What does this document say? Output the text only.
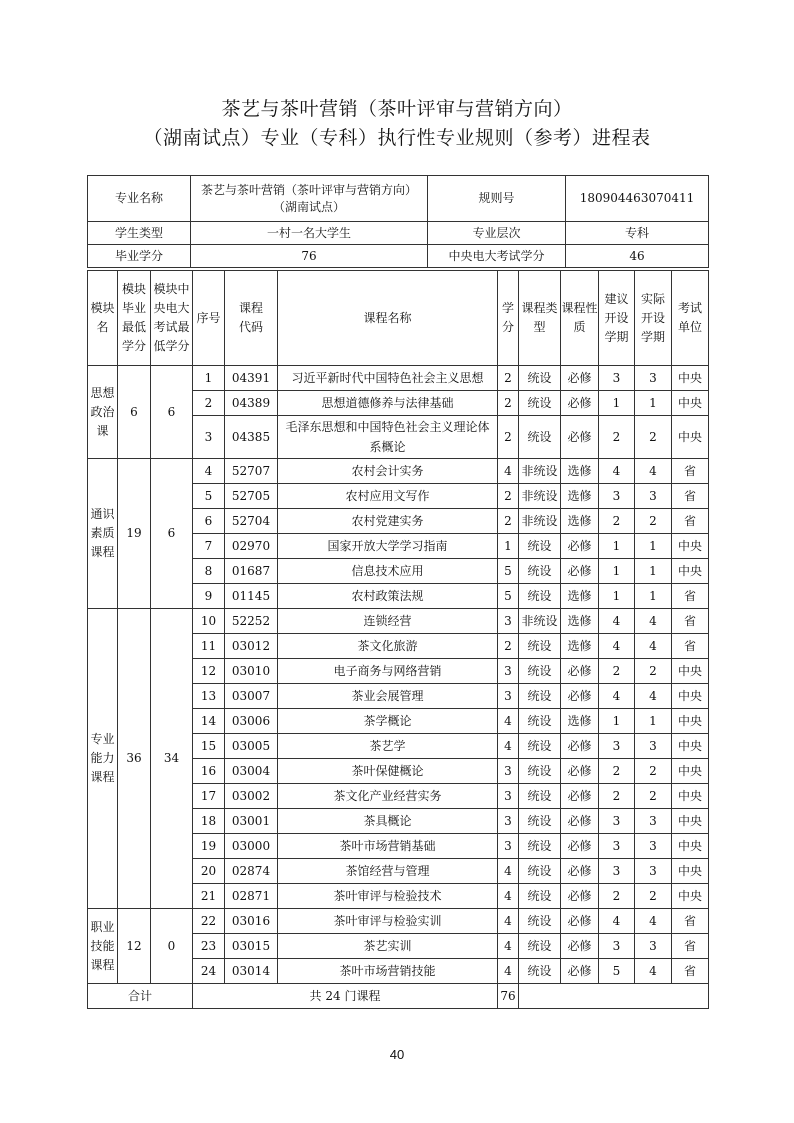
茶艺与茶叶营销（茶叶评审与营销方向）
（湖南试点）专业（专科）执行性专业规则（参考）进程表
专业名称	茶艺与茶叶营销（茶叶评审与营销方向）（湖南试点）	规则号	180904463070411
学生类型	一村一名大学生	专业层次	专科
毕业学分	76	中央电大考试学分	46
模块名	模块毕业最低学分	模块中央电大考试最低学分	序号	课程代码	课程名称	学分	课程类型	课程性质	建议开设学期	实际开设学期	考试单位
思想政治课	6	6	1	04391	习近平新时代中国特色社会主义思想	2	统设	必修	3	3	中央
			2	04389	思想道德修养与法律基础	2	统设	必修	1	1	中央
			3	04385	毛泽东思想和中国特色社会主义理论体系概论	2	统设	必修	2	2	中央
通识素质课程	19	6	4	52707	农村会计实务	4	非统设	选修	4	4	省
			5	52705	农村应用文写作	2	非统设	选修	3	3	省
			6	52704	农村党建实务	2	非统设	选修	2	2	省
			7	02970	国家开放大学学习指南	1	统设	必修	1	1	中央
			8	01687	信息技术应用	5	统设	必修	1	1	中央
			9	01145	农村政策法规	5	统设	选修	1	1	省
专业能力课程	36	34	10	52252	连锁经营	3	非统设	选修	4	4	省
			11	03012	茶文化旅游	2	统设	选修	4	4	省
			12	03010	电子商务与网络营销	3	统设	必修	2	2	中央
			13	03007	茶业会展管理	3	统设	必修	4	4	中央
			14	03006	茶学概论	4	统设	选修	1	1	中央
			15	03005	茶艺学	4	统设	必修	3	3	中央
			16	03004	茶叶保健概论	3	统设	必修	2	2	中央
			17	03002	茶文化产业经营实务	3	统设	必修	2	2	中央
			18	03001	茶具概论	3	统设	必修	3	3	中央
			19	03000	茶叶市场营销基础	3	统设	必修	3	3	中央
			20	02874	茶馆经营与管理	4	统设	必修	3	3	中央
			21	02871	茶叶审评与检验技术	4	统设	必修	2	2	中央
职业技能课程	12	0	22	03016	茶叶审评与检验实训	4	统设	必修	4	4	省
			23	03015	茶艺实训	4	统设	必修	3	3	省
			24	03014	茶叶市场营销技能	4	统设	必修	5	4	省
合计			共 24 门课程			76					
40
